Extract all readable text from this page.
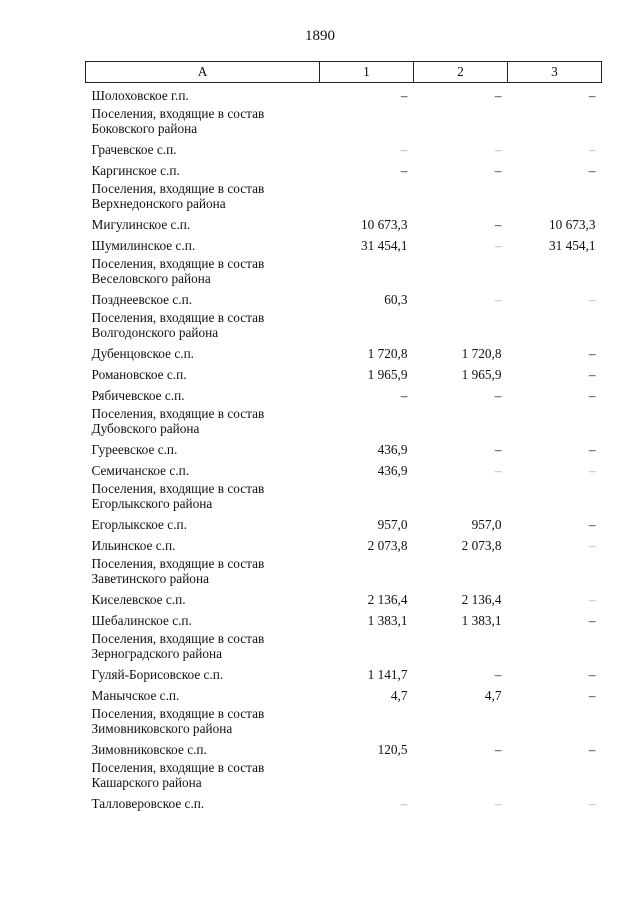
1890
А	1	2	3
Шолоховское г.п.	–	–	–
Поселения, входящие в состав Боковского района			
Грачевское с.п.	–	–	–
Каргинское с.п.	–	–	–
Поселения, входящие в состав Верхнедонского района			
Мигулинское с.п.	10 673,3	–	10 673,3
Шумилинское с.п.	31 454,1	–	31 454,1
Поселения, входящие в состав Веселовского района			
Позднеевское с.п.	60,3	–	–
Поселения, входящие в состав Волгодонского района			
Дубенцовское с.п.	1 720,8	1 720,8	–
Романовское с.п.	1 965,9	1 965,9	–
Рябичевское с.п.	–	–	–
Поселения, входящие в состав Дубовского района			
Гуреевское с.п.	436,9	–	–
Семичанское с.п.	436,9	–	–
Поселения, входящие в состав Егорлыкского района			
Егорлыкское с.п.	957,0	957,0	–
Ильинское с.п.	2 073,8	2 073,8	–
Поселения, входящие в состав Заветинского района			
Киселевское с.п.	2 136,4	2 136,4	–
Шебалинское с.п.	1 383,1	1 383,1	–
Поселения, входящие в состав Зерноградского района			
Гуляй-Борисовское с.п.	1 141,7	–	–
Манычское с.п.	4,7	4,7	–
Поселения, входящие в состав Зимовниковского района			
Зимовниковское с.п.	120,5	–	–
Поселения, входящие в состав Кашарского района			
Талловеровское с.п.	–	–	–
